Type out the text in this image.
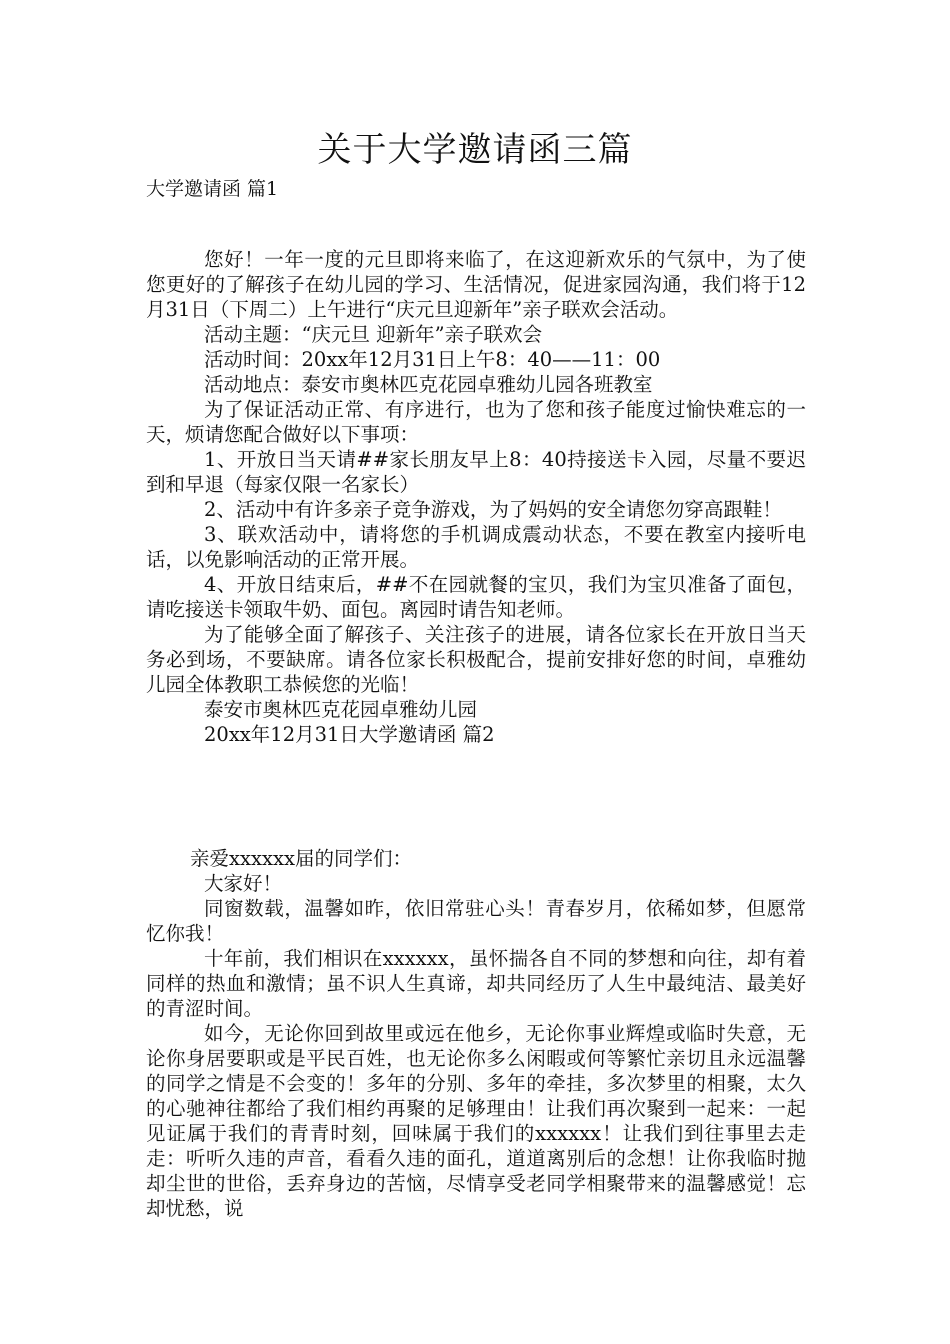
关于大学邀请函三篇
大学邀请函 篇1

您好！一年一度的元旦即将来临了，在这迎新欢乐的气氛中，为了使您更好的了解孩子在幼儿园的学习、生活情况，促进家园沟通，我们将于12月31日（下周二）上午进行“庆元旦迎新年”亲子联欢会活动。

活动主题：“庆元旦 迎新年”亲子联欢会

活动时间：20xx年12月31日上午8：40——11：00

活动地点：泰安市奥林匹克花园卓雅幼儿园各班教室

为了保证活动正常、有序进行，也为了您和孩子能度过愉快难忘的一天，烦请您配合做好以下事项：

1、开放日当天请##家长朋友早上8：40持接送卡入园，尽量不要迟到和早退（每家仅限一名家长）

2、活动中有许多亲子竞争游戏，为了妈妈的安全请您勿穿高跟鞋！

3、联欢活动中，请将您的手机调成震动状态，不要在教室内接听电话，以免影响活动的正常开展。

4、开放日结束后，##不在园就餐的宝贝，我们为宝贝准备了面包，请吃接送卡领取牛奶、面包。离园时请告知老师。

为了能够全面了解孩子、关注孩子的进展，请各位家长在开放日当天务必到场，不要缺席。请各位家长积极配合，提前安排好您的时间，卓雅幼儿园全体教职工恭候您的光临！

泰安市奥林匹克花园卓雅幼儿园

20xx年12月31日大学邀请函 篇2

亲爱xxxxxx届的同学们：

大家好！

同窗数载，温馨如昨，依旧常驻心头！青春岁月，依稀如梦，但愿常忆你我！

十年前，我们相识在xxxxxx，虽怀揣各自不同的梦想和向往，却有着同样的热血和激情；虽不识人生真谛，却共同经历了人生中最纯洁、最美好的青涩时间。

如今，无论你回到故里或远在他乡，无论你事业辉煌或临时失意，无论你身居要职或是平民百姓，也无论你多么闲暇或何等繁忙亲切且永远温馨的同学之情是不会变的！多年的分别、多年的牵挂，多次梦里的相聚，太久的心驰神往都给了我们相约再聚的足够理由！让我们再次聚到一起来：一起见证属于我们的青青时刻，回味属于我们的xxxxxx！让我们到往事里去走走：听听久违的声音，看看久违的面孔，道道离别后的念想！让你我临时抛却尘世的世俗，丢弃身边的苦恼，尽情享受老同学相聚带来的温馨感觉！忘却忧愁，说
